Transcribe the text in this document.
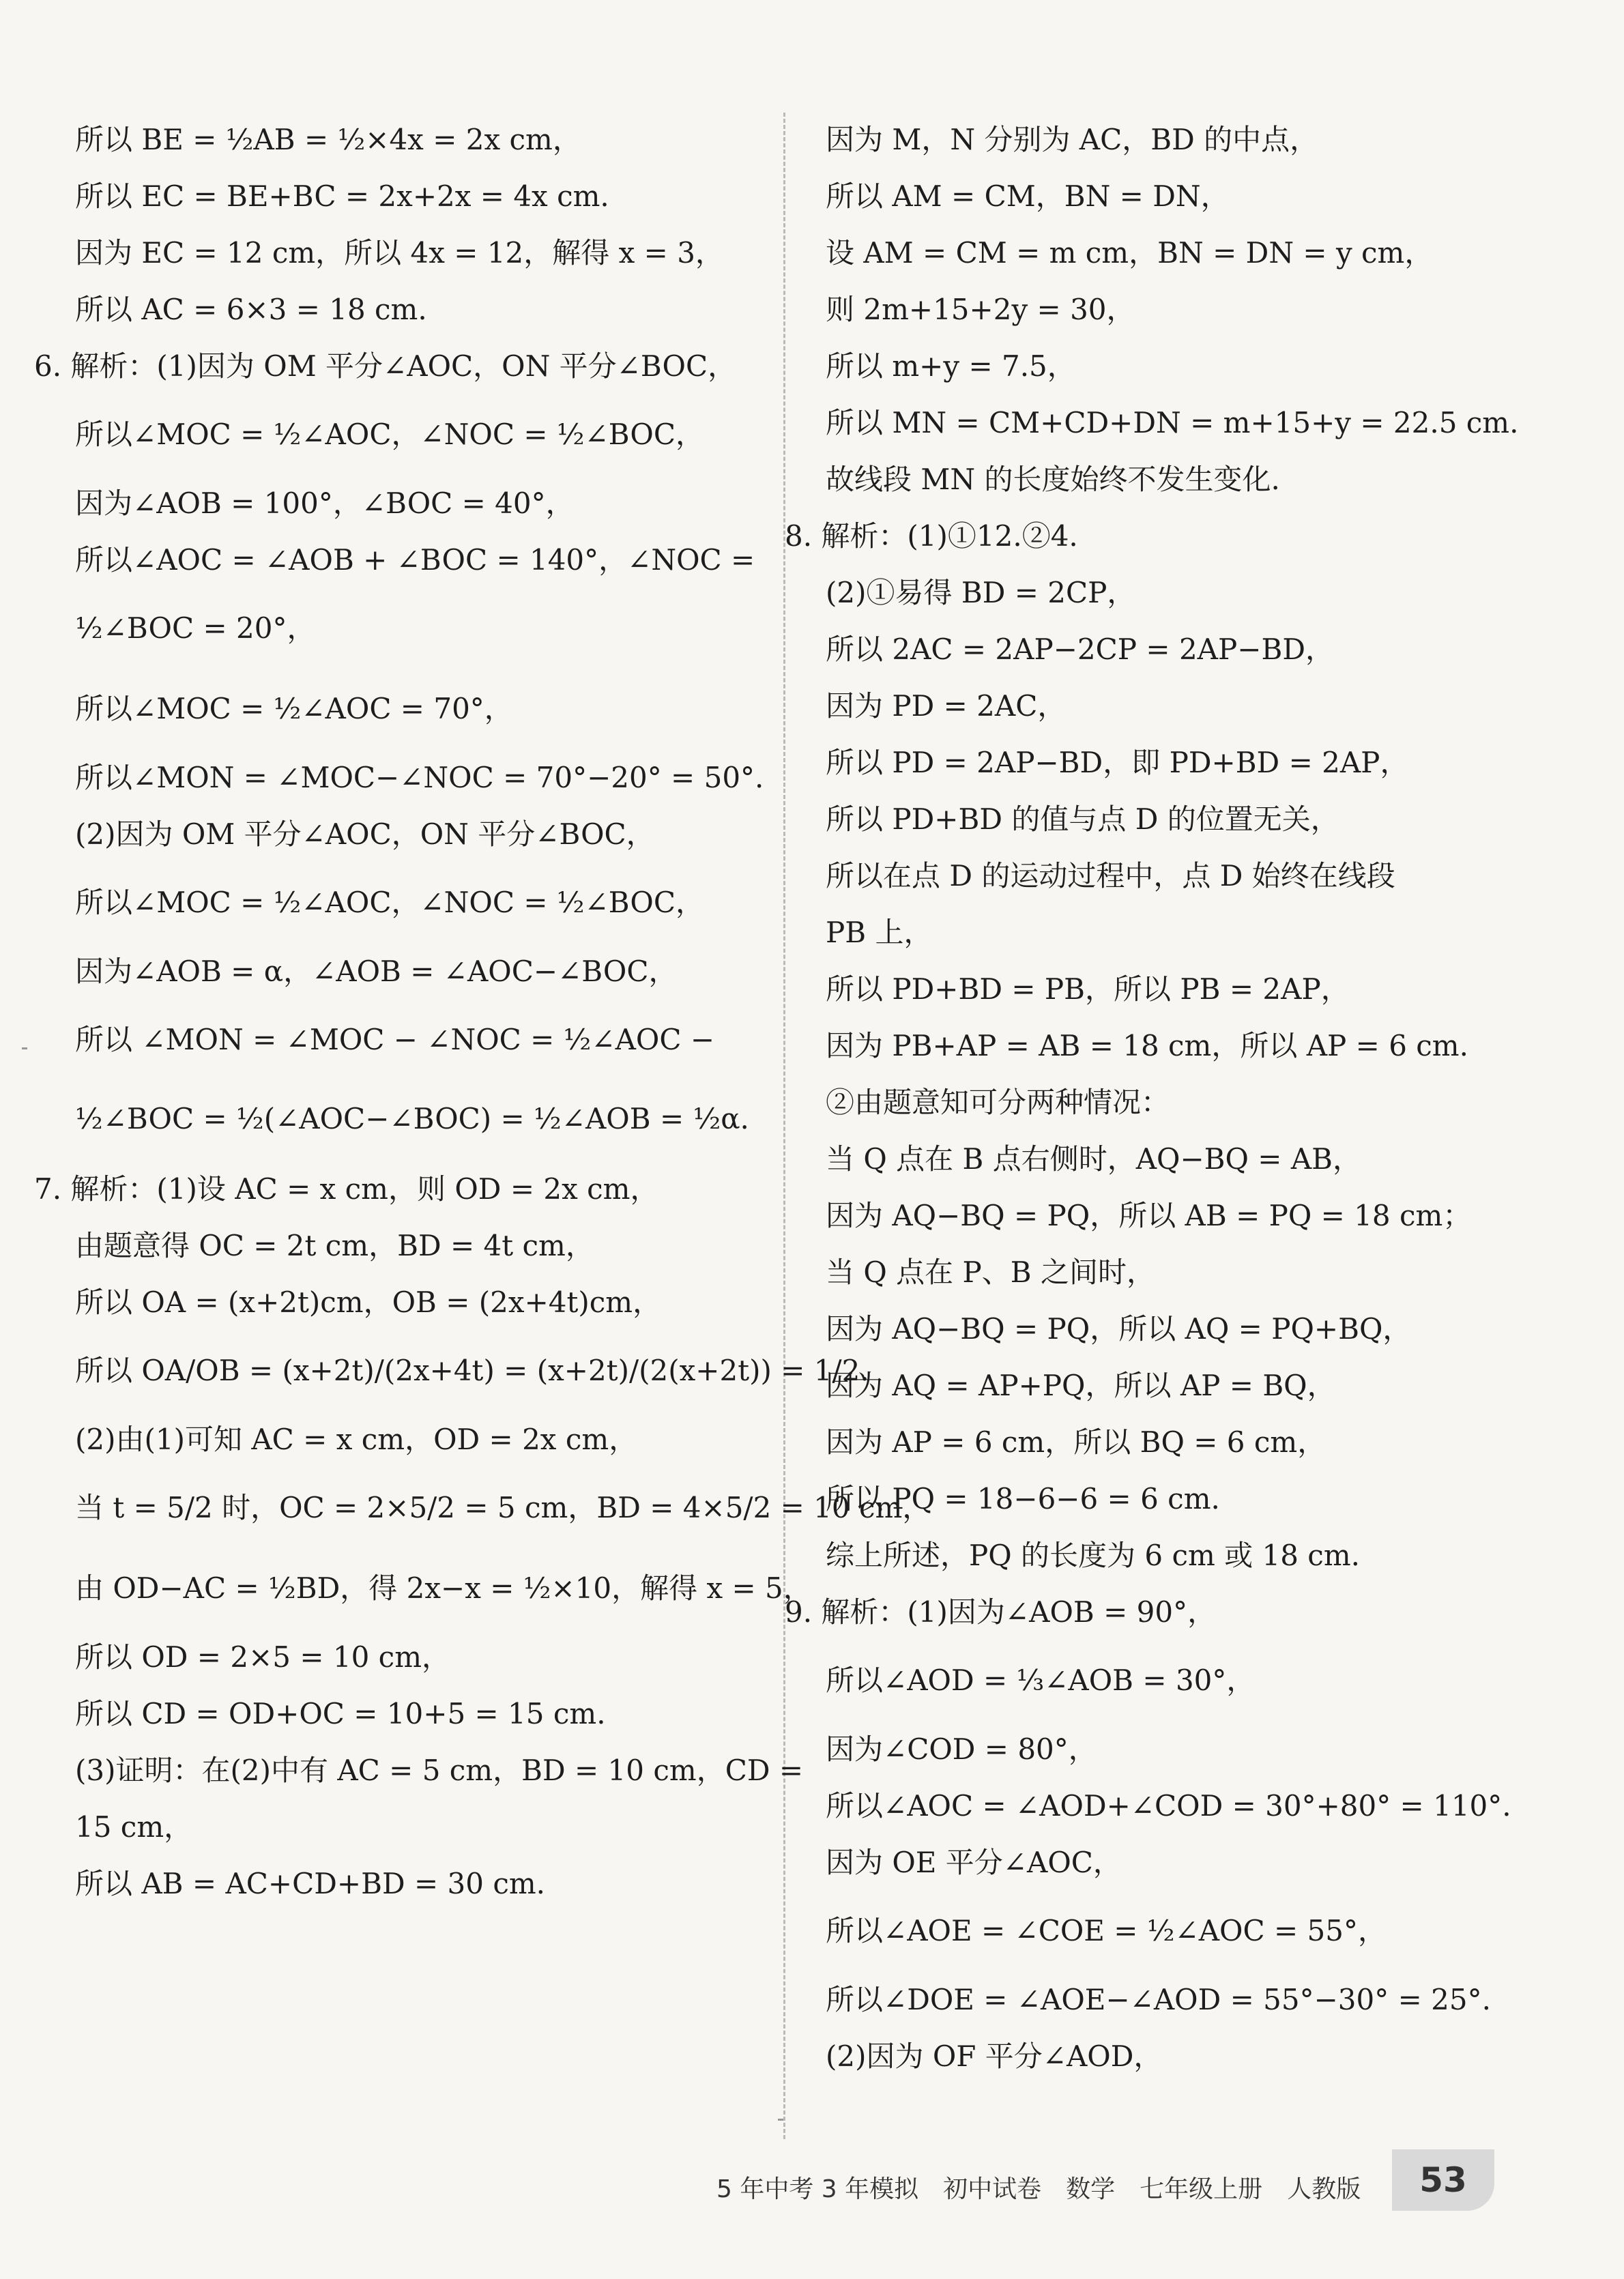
所以 BE = ½AB = ½×4x = 2x cm，
所以 EC = BE+BC = 2x+2x = 4x cm.
因为 EC = 12 cm，所以 4x = 12，解得 x = 3，
所以 AC = 6×3 = 18 cm.
6. 解析：(1)因为 OM 平分∠AOC，ON 平分∠BOC，
所以∠MOC = ½∠AOC，∠NOC = ½∠BOC，
因为∠AOB = 100°，∠BOC = 40°，
所以∠AOC = ∠AOB + ∠BOC = 140°，∠NOC =
½∠BOC = 20°，
所以∠MOC = ½∠AOC = 70°，
所以∠MON = ∠MOC−∠NOC = 70°−20° = 50°.
(2)因为 OM 平分∠AOC，ON 平分∠BOC，
所以∠MOC = ½∠AOC，∠NOC = ½∠BOC，
因为∠AOB = α，∠AOB = ∠AOC−∠BOC，
所以 ∠MON = ∠MOC − ∠NOC = ½∠AOC −
½∠BOC = ½(∠AOC−∠BOC) = ½∠AOB = ½α.
7. 解析：(1)设 AC = x cm，则 OD = 2x cm，
由题意得 OC = 2t cm，BD = 4t cm，
所以 OA = (x+2t)cm，OB = (2x+4t)cm，
所以 OA/OB = (x+2t)/(2x+4t) = (x+2t)/(2(x+2t)) = 1/2.
(2)由(1)可知 AC = x cm，OD = 2x cm，
当 t = 5/2 时，OC = 2×5/2 = 5 cm，BD = 4×5/2 = 10 cm，
由 OD−AC = ½BD，得 2x−x = ½×10，解得 x = 5，
所以 OD = 2×5 = 10 cm，
所以 CD = OD+OC = 10+5 = 15 cm.
(3)证明：在(2)中有 AC = 5 cm，BD = 10 cm，CD =
15 cm，
所以 AB = AC+CD+BD = 30 cm.
因为 M，N 分别为 AC，BD 的中点，
所以 AM = CM，BN = DN，
设 AM = CM = m cm，BN = DN = y cm，
则 2m+15+2y = 30，
所以 m+y = 7.5，
所以 MN = CM+CD+DN = m+15+y = 22.5 cm.
故线段 MN 的长度始终不发生变化.
8. 解析：(1)①12.②4.
(2)①易得 BD = 2CP，
所以 2AC = 2AP−2CP = 2AP−BD，
因为 PD = 2AC，
所以 PD = 2AP−BD，即 PD+BD = 2AP，
所以 PD+BD 的值与点 D 的位置无关，
所以在点 D 的运动过程中，点 D 始终在线段
PB 上，
所以 PD+BD = PB，所以 PB = 2AP，
因为 PB+AP = AB = 18 cm，所以 AP = 6 cm.
②由题意知可分两种情况：
当 Q 点在 B 点右侧时，AQ−BQ = AB，
因为 AQ−BQ = PQ，所以 AB = PQ = 18 cm；
当 Q 点在 P、B 之间时，
因为 AQ−BQ = PQ，所以 AQ = PQ+BQ，
因为 AQ = AP+PQ，所以 AP = BQ，
因为 AP = 6 cm，所以 BQ = 6 cm，
所以 PQ = 18−6−6 = 6 cm.
综上所述，PQ 的长度为 6 cm 或 18 cm.
9. 解析：(1)因为∠AOB = 90°，
所以∠AOD = ⅓∠AOB = 30°，
因为∠COD = 80°，
所以∠AOC = ∠AOD+∠COD = 30°+80° = 110°.
因为 OE 平分∠AOC，
所以∠AOE = ∠COE = ½∠AOC = 55°，
所以∠DOE = ∠AOE−∠AOD = 55°−30° = 25°.
(2)因为 OF 平分∠AOD，
5 年中考 3 年模拟 初中试卷 数学 七年级上册 人教版	53
